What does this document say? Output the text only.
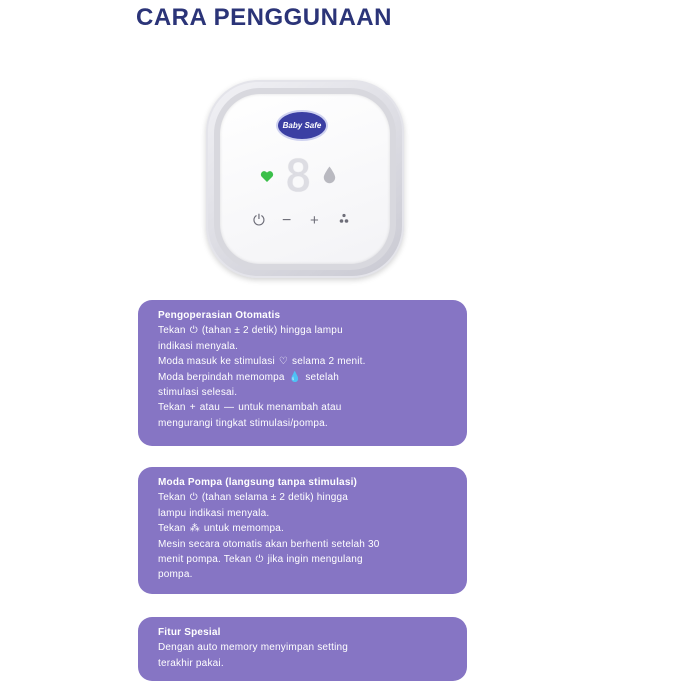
CARA PENGGUNAAN
Baby Safe
8
⏻ − +
Pengoperasian Otomatis
Tekan ⏻ (tahan ± 2 detik) hingga lampu
indikasi menyala.
Moda masuk ke stimulasi ♡ selama 2 menit.
Moda berpindah memompa 💧 setelah
stimulasi selesai.
Tekan + atau — untuk menambah atau
mengurangi tingkat stimulasi/pompa.
Moda Pompa (langsung tanpa stimulasi)
Tekan ⏻ (tahan selama ± 2 detik) hingga
lampu indikasi menyala.
Tekan ⁂ untuk memompa.
Mesin secara otomatis akan berhenti setelah 30
menit pompa. Tekan ⏻ jika ingin mengulang
pompa.
Fitur Spesial
Dengan auto memory menyimpan setting
terakhir pakai.
